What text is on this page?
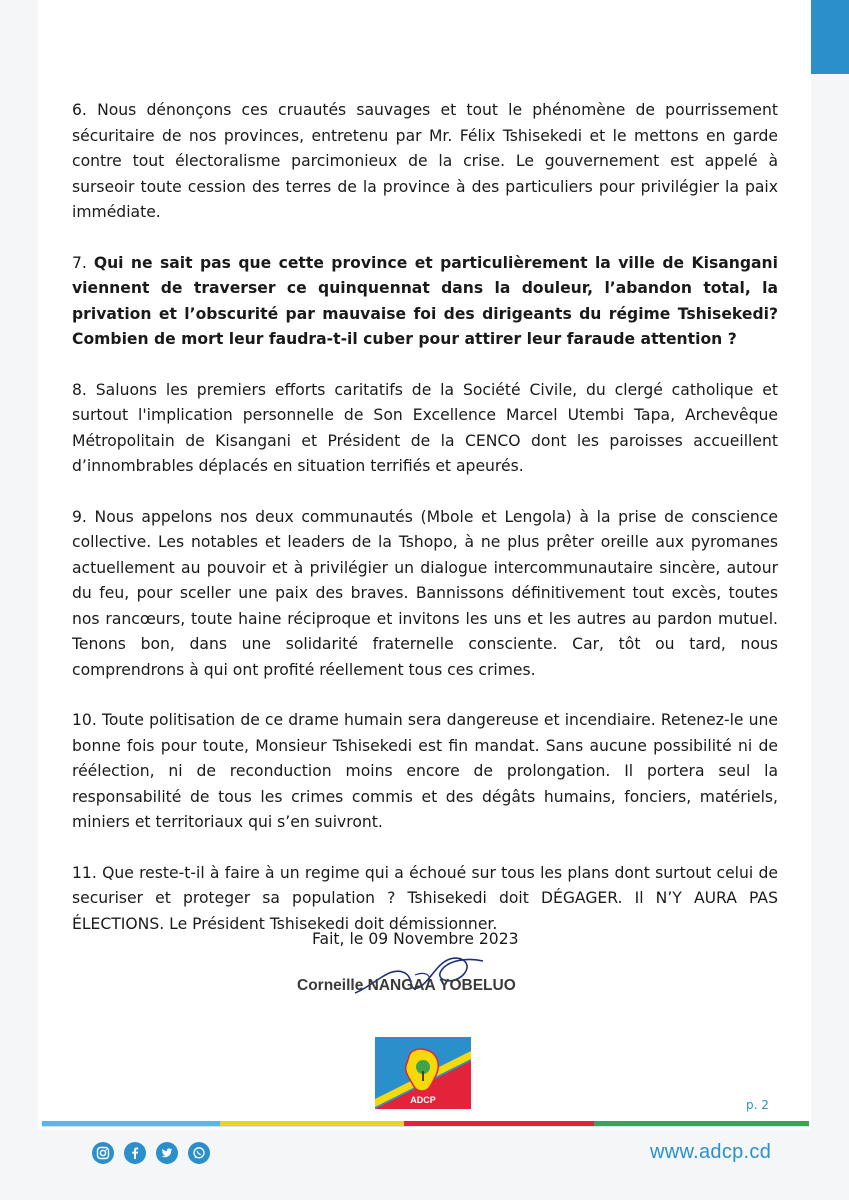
6. Nous dénonçons ces cruautés sauvages et tout le phénomène de pourrissement sécuritaire de nos provinces, entretenu par Mr. Félix Tshisekedi et le mettons en garde contre tout électoralisme parcimonieux de la crise. Le gouvernement est appelé à surseoir toute cession des terres de la province à des particuliers pour privilégier la paix immédiate.

7. Qui ne sait pas que cette province et particulièrement la ville de Kisangani viennent de traverser ce quinquennat dans la douleur, l’abandon total, la privation et l’obscurité par mauvaise foi des dirigeants du régime Tshisekedi? Combien de mort leur faudra-t-il cuber pour attirer leur faraude attention ?

8. Saluons les premiers efforts caritatifs de la Société Civile, du clergé catholique et surtout l'implication personnelle de Son Excellence Marcel Utembi Tapa, Archevêque Métropolitain de Kisangani et Président de la CENCO dont les paroisses accueillent d’innombrables déplacés en situation terrifiés et apeurés.

9. Nous appelons nos deux communautés (Mbole et Lengola) à la prise de conscience collective. Les notables et leaders de la Tshopo, à ne plus prêter oreille aux pyromanes actuellement au pouvoir et à privilégier un dialogue intercommunautaire sincère, autour du feu, pour sceller une paix des braves. Bannissons définitivement tout excès, toutes nos rancœurs, toute haine réciproque et invitons les uns et les autres au pardon mutuel. Tenons bon, dans une solidarité fraternelle consciente. Car, tôt ou tard, nous comprendrons à qui ont profité réellement tous ces crimes.

10. Toute politisation de ce drame humain sera dangereuse et incendiaire. Retenez-le une bonne fois pour toute, Monsieur Tshisekedi est fin mandat. Sans aucune possibilité ni de réélection, ni de reconduction moins encore de prolongation. Il portera seul la responsabilité de tous les crimes commis et des dégâts humains, fonciers, matériels, miniers et territoriaux qui s’en suivront.

11. Que reste-t-il à faire à un regime qui a échoué sur tous les plans dont surtout celui de securiser et proteger sa population ? Tshisekedi doit DÉGAGER. Il N’Y AURA PAS ÉLECTIONS. Le Président Tshisekedi doit démissionner.

Fait, le 09 Novembre 2023
Corneille NANGAA YOBELUO
ADCP	p. 2
www.adcp.cd
